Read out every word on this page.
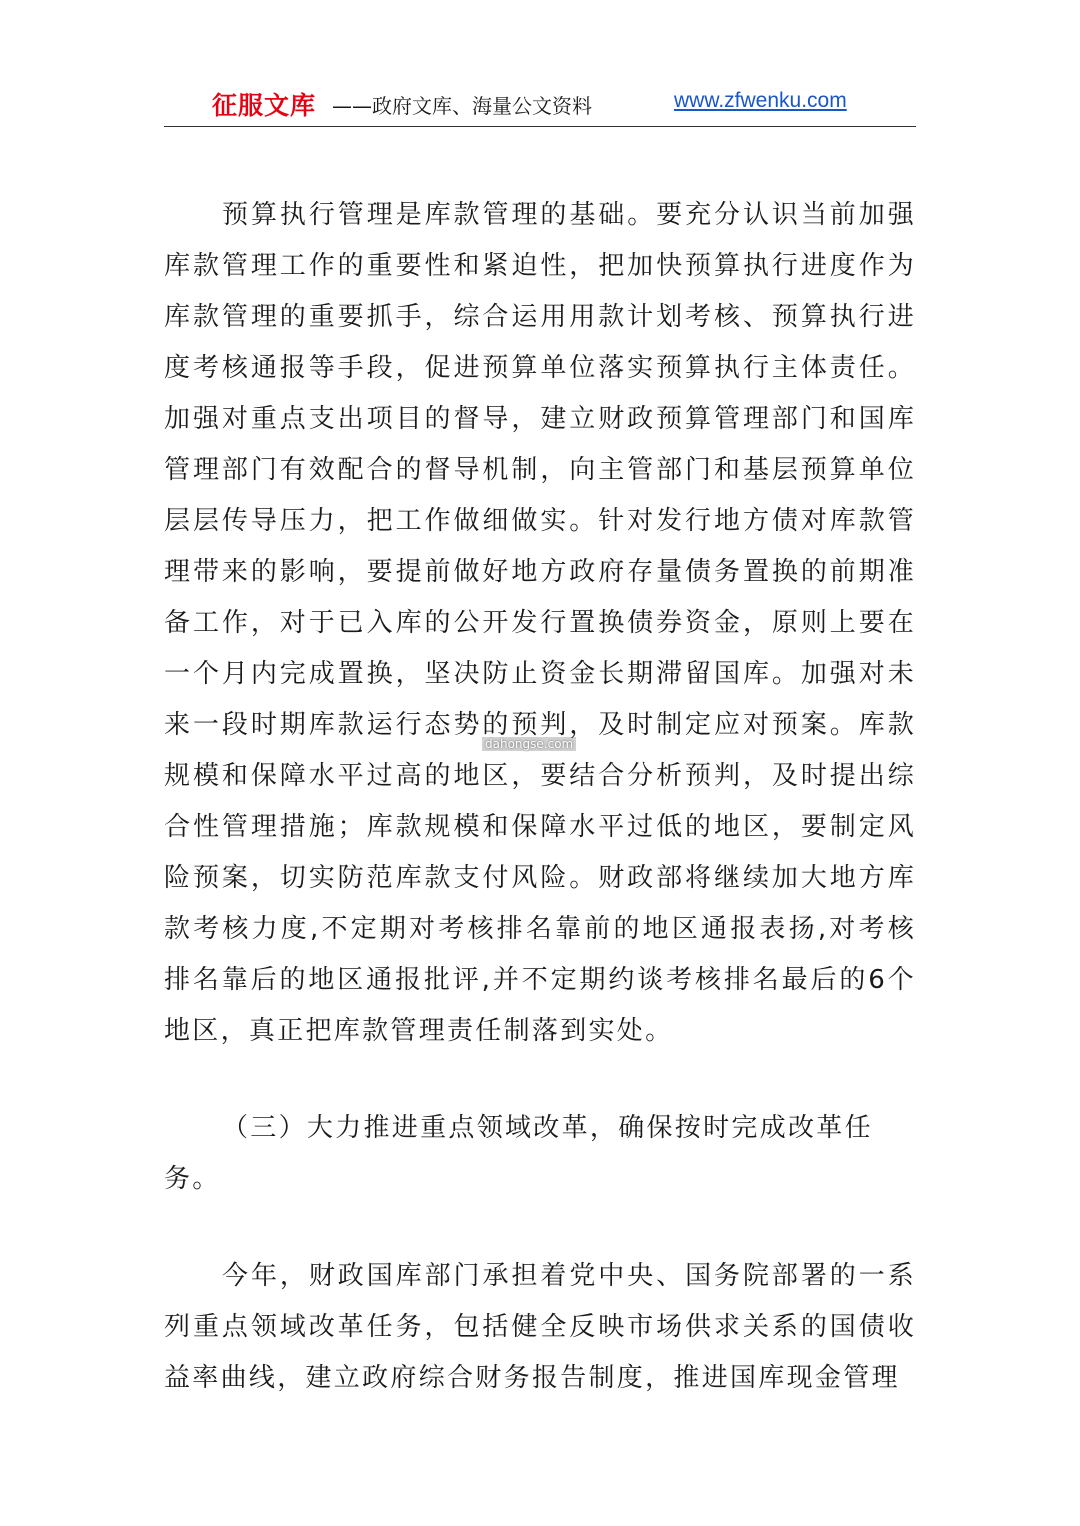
征服文库 ——政府文库、海量公文资料	www.zfwenku.com

预算执行管理是库款管理的基础。要充分认识当前加强库款管理工作的重要性和紧迫性，把加快预算执行进度作为库款管理的重要抓手，综合运用用款计划考核、预算执行进度考核通报等手段，促进预算单位落实预算执行主体责任。加强对重点支出项目的督导，建立财政预算管理部门和国库管理部门有效配合的督导机制，向主管部门和基层预算单位层层传导压力，把工作做细做实。针对发行地方债对库款管理带来的影响，要提前做好地方政府存量债务置换的前期准备工作，对于已入库的公开发行置换债券资金，原则上要在一个月内完成置换，坚决防止资金长期滞留国库。加强对未来一段时期库款运行态势的预判，及时制定应对预案。库款规模和保障水平过高的地区，要结合分析预判，及时提出综合性管理措施；库款规模和保障水平过低的地区，要制定风险预案，切实防范库款支付风险。财政部将继续加大地方库款考核力度,不定期对考核排名靠前的地区通报表扬,对考核排名靠后的地区通报批评,并不定期约谈考核排名最后的6个地区，真正把库款管理责任制落到实处。

（三）大力推进重点领域改革，确保按时完成改革任务。

今年，财政国库部门承担着党中央、国务院部署的一系列重点领域改革任务，包括健全反映市场供求关系的国债收益率曲线，建立政府综合财务报告制度，推进国库现金管理

dahongse.com
